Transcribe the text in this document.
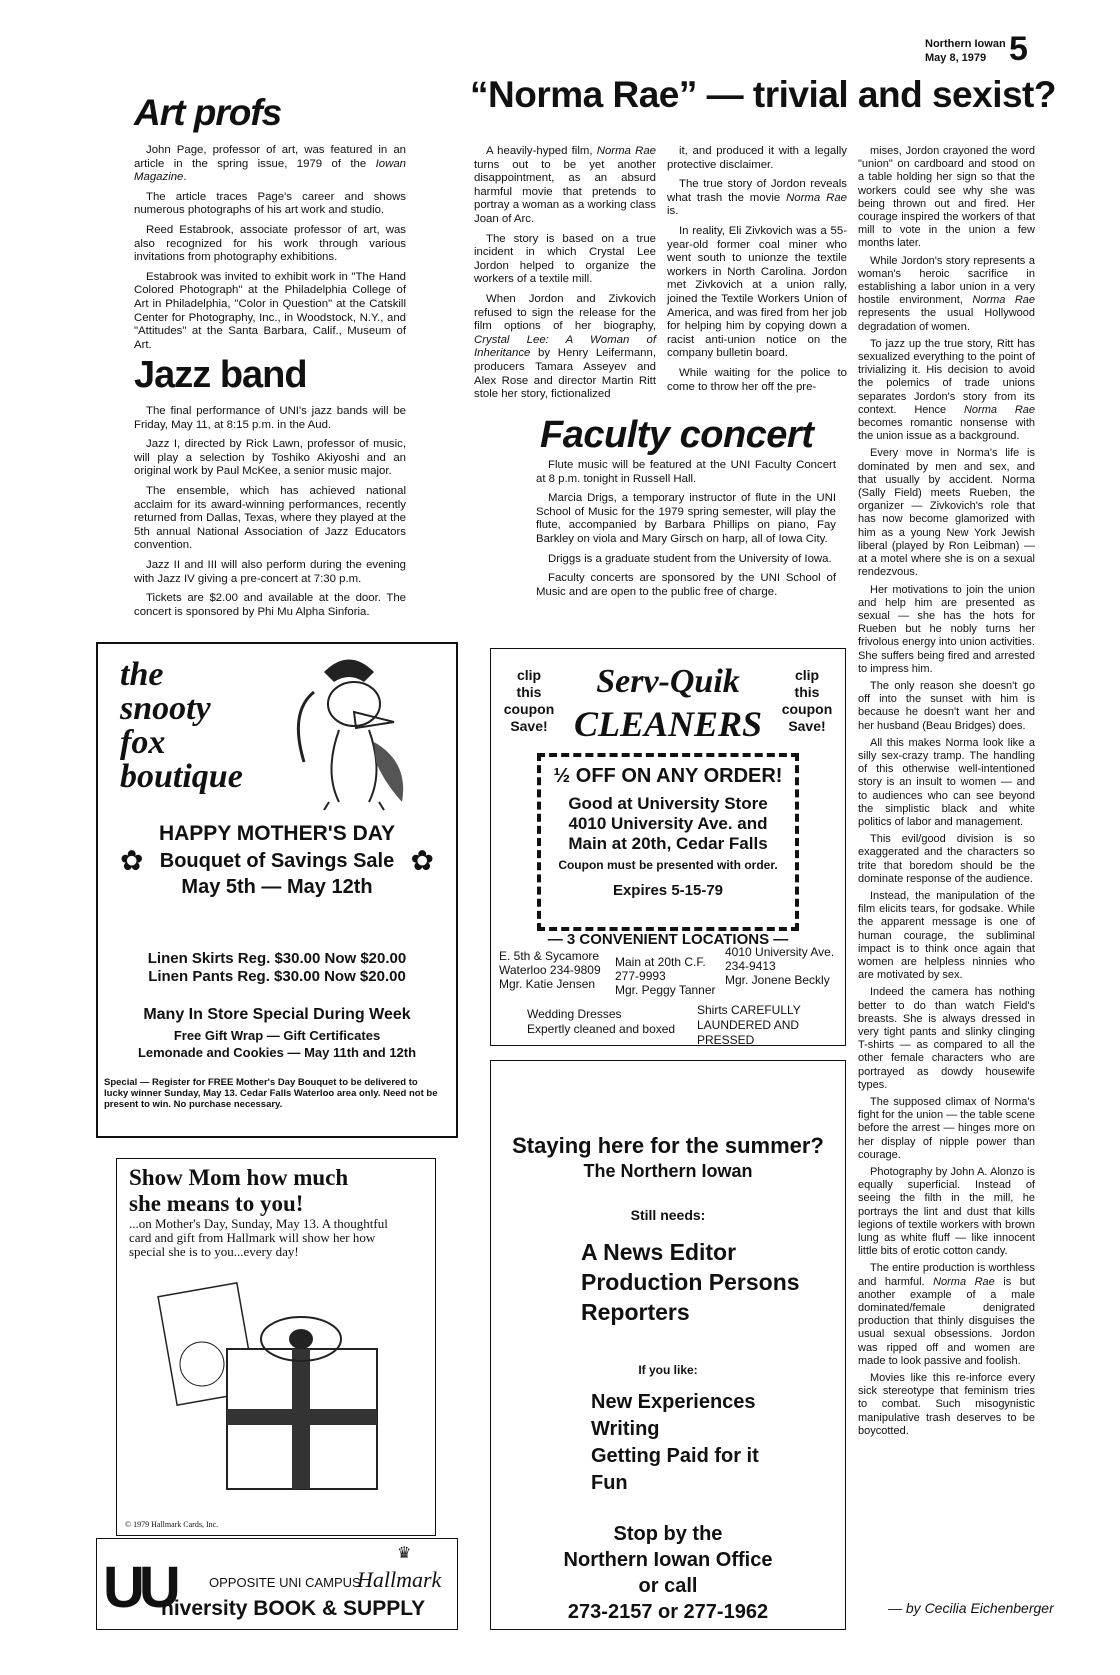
Northern Iowan
May 8, 1979 5
Art profs

John Page, professor of art, was featured in an article in the spring issue, 1979 of the Iowan Magazine.

The article traces Page's career and shows numerous photographs of his art work and studio.

Reed Estabrook, associate professor of art, was also recognized for his work through various invitations from photography exhibitions.

Estabrook was invited to exhibit work in "The Hand Colored Photograph" at the Philadelphia College of Art in Philadelphia, "Color in Question" at the Catskill Center for Photography, Inc., in Woodstock, N.Y., and "Attitudes" at the Santa Barbara, Calif., Museum of Art.

Jazz band

The final performance of UNI's jazz bands will be Friday, May 11, at 8:15 p.m. in the Aud.

Jazz I, directed by Rick Lawn, professor of music, will play a selection by Toshiko Akiyoshi and an original work by Paul McKee, a senior music major.

The ensemble, which has achieved national acclaim for its award-winning performances, recently returned from Dallas, Texas, where they played at the 5th annual National Association of Jazz Educators convention.

Jazz II and III will also perform during the evening with Jazz IV giving a pre-concert at 7:30 p.m.

Tickets are $2.00 and available at the door. The concert is sponsored by Phi Mu Alpha Sinforia.

“Norma Rae” — trivial and sexist?

A heavily-hyped film, Norma Rae turns out to be yet another disappointment, as an absurd harmful movie that pretends to portray a woman as a working class Joan of Arc.

The story is based on a true incident in which Crystal Lee Jordon helped to organize the workers of a textile mill.

When Jordon and Zivkovich refused to sign the release for the film options of her biography, Crystal Lee: A Woman of Inheritance by Henry Leifermann, producers Tamara Asseyev and Alex Rose and director Martin Ritt stole her story, fictionalized

it, and produced it with a legally protective disclaimer.

The true story of Jordon reveals what trash the movie Norma Rae is.

In reality, Eli Zivkovich was a 55-year-old former coal miner who went south to unionze the textile workers in North Carolina. Jordon met Zivkovich at a union rally, joined the Textile Workers Union of America, and was fired from her job for helping him by copying down a racist anti-union notice on the company bulletin board.

While waiting for the police to come to throw her off the pre-

mises, Jordon crayoned the word "union" on cardboard and stood on a table holding her sign so that the workers could see why she was being thrown out and fired. Her courage inspired the workers of that mill to vote in the union a few months later.

While Jordon's story represents a woman's heroic sacrifice in establishing a labor union in a very hostile environment, Norma Rae represents the usual Hollywood degradation of women.

To jazz up the true story, Ritt has sexualized everything to the point of trivializing it. His decision to avoid the polemics of trade unions separates Jordon's story from its context. Hence Norma Rae becomes romantic nonsense with the union issue as a background.

Every move in Norma's life is dominated by men and sex, and that usually by accident. Norma (Sally Field) meets Rueben, the organizer — Zivkovich's role that has now become glamorized with him as a young New York Jewish liberal (played by Ron Leibman) — at a motel where she is on a sexual rendezvous.

Her motivations to join the union and help him are presented as sexual — she has the hots for Rueben but he nobly turns her frivolous energy into union activities. She suffers being fired and arrested to impress him.

The only reason she doesn't go off into the sunset with him is because he doesn't want her and her husband (Beau Bridges) does.

All this makes Norma look like a silly sex-crazy tramp. The handling of this otherwise well-intentioned story is an insult to women — and to audiences who can see beyond the simplistic black and white politics of labor and management.

This evil/good division is so exaggerated and the characters so trite that boredom should be the dominate response of the audience.

Instead, the manipulation of the film elicits tears, for godsake. While the apparent message is one of human courage, the subliminal impact is to think once again that women are helpless ninnies who are motivated by sex.

Indeed the camera has nothing better to do than watch Field's breasts. She is always dressed in very tight pants and slinky clinging T-shirts — as compared to all the other female characters who are portrayed as dowdy housewife types.

The supposed climax of Norma's fight for the union — the table scene before the arrest — hinges more on her display of nipple power than courage.

Photography by John A. Alonzo is equally superficial. Instead of seeing the filth in the mill, he portrays the lint and dust that kills legions of textile workers with brown lung as white fluff — like innocent little bits of erotic cotton candy.

The entire production is worthless and harmful. Norma Rae is but another example of a male dominated/female denigrated production that thinly disguises the usual sexual obsessions. Jordon was ripped off and women are made to look passive and foolish.

Movies like this re-inforce every sick stereotype that feminism tries to combat. Such misogynistic manipulative trash deserves to be boycotted.

— by Cecilia Eichenberger
Faculty concert

Flute music will be featured at the UNI Faculty Concert at 8 p.m. tonight in Russell Hall.

Marcia Drigs, a temporary instructor of flute in the UNI School of Music for the 1979 spring semester, will play the flute, accompanied by Barbara Phillips on piano, Fay Barkley on viola and Mary Girsch on harp, all of Iowa City.

Driggs is a graduate student from the University of Iowa.

Faculty concerts are sponsored by the UNI School of Music and are open to the public free of charge.

the snooty fox boutique
HAPPY MOTHER'S DAY
Bouquet of Savings Sale
May 5th — May 12th
✿	✿
Linen Skirts Reg. $30.00 Now $20.00
Linen Pants Reg. $30.00 Now $20.00
Many In Store Special During Week
Free Gift Wrap — Gift Certificates
Lemonade and Cookies — May 11th and 12th
Special — Register for FREE Mother's Day Bouquet to be delivered to lucky winner Sunday, May 13. Cedar Falls Waterloo area only. Need not be present to win. No purchase necessary.
Show Mom how much
she means to you!
...on Mother's Day, Sunday, May 13. A thoughtful card and gift from Hallmark will show her how special she is to you...every day!
© 1979 Hallmark Cards, Inc.
UU	OPPOSITE UNI CAMPUS
Hallmark
♛
niversity BOOK & SUPPLY
clip
this
coupon
Save!
clip
this
coupon
Save!
Serv-Quik
CLEANERS
½ OFF ON ANY ORDER!
Good at University Store
4010 University Ave. and
Main at 20th, Cedar Falls
Coupon must be presented with order.
Expires 5-15-79
— 3 CONVENIENT LOCATIONS —
E. 5th & Sycamore
Waterloo 234-9809
Mgr. Katie Jensen
Main at 20th C.F.
277-9993
Mgr. Peggy Tanner
4010 University Ave.
234-9413
Mgr. Jonene Beckly
Wedding Dresses
Expertly cleaned and boxed
Shirts CAREFULLY
LAUNDERED AND PRESSED
Staying here for the summer?
The Northern Iowan
Still needs:
A News Editor
Production Persons
Reporters
If you like:
New Experiences
Writing
Getting Paid for it
Fun
Stop by the
Northern Iowan Office
or call
273-2157 or 277-1962
